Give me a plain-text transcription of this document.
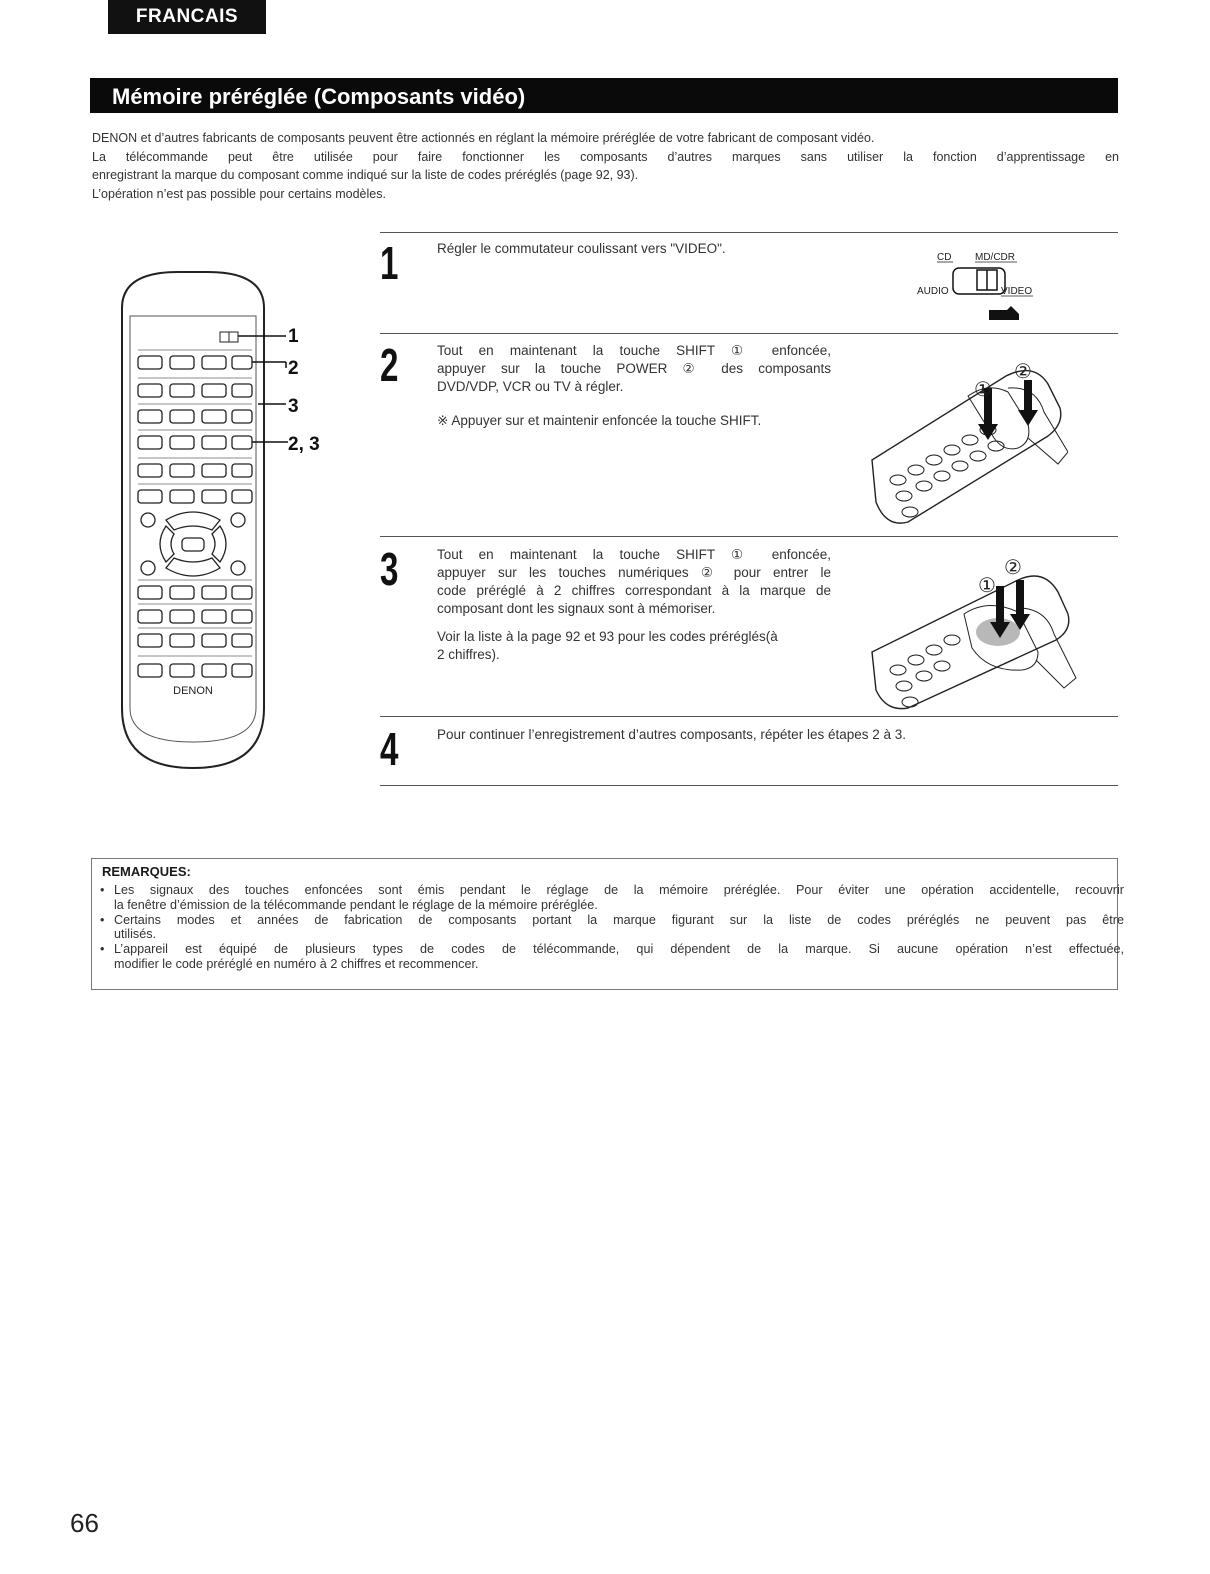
FRANCAIS
Mémoire préréglée (Composants vidéo)

DENON et d’autres fabricants de composants peuvent être actionnés en réglant la mémoire préréglée de votre fabricant de composant vidéo.

La télécommande peut être utilisée pour faire fonctionner les composants d’autres marques sans utiliser la fonction d’apprentissage en

enregistrant la marque du composant comme indiqué sur la liste de codes préréglés (page 92, 93).

L’opération n’est pas possible pour certains modèles.

DENON
1
2
3
2, 3
1	Régler le commutateur coulissant vers "VIDEO".
CD MD/CDR
AUDIO	VIDEO
2	Tout en maintenant la touche SHIFT ① enfoncée,

appuyer sur la touche POWER ② des composants

DVD/VDP, VCR ou TV à régler.

※ Appuyer sur et maintenir enfoncée la touche SHIFT.

①
②
3	Tout en maintenant la touche SHIFT ① enfoncée,

appuyer sur les touches numériques ② pour entrer le

code préréglé à 2 chiffres correspondant à la marque de

composant dont les signaux sont à mémoriser.

Voir la liste à la page 92 et 93 pour les codes préréglés(à

2 chiffres).

①
②
4	Pour continuer l’enregistrement d’autres composants, répéter les étapes 2 à 3.
REMARQUES:
• Les signaux des touches enfoncées sont émis pendant le réglage de la mémoire préréglée. Pour éviter une opération accidentelle, recouvrir
la fenêtre d’émission de la télécommande pendant le réglage de la mémoire préréglée.
• Certains modes et années de fabrication de composants portant la marque figurant sur la liste de codes préréglés ne peuvent pas être
utilisés.
• L’appareil est équipé de plusieurs types de codes de télécommande, qui dépendent de la marque. Si aucune opération n’est effectuée,
modifier le code préréglé en numéro à 2 chiffres et recommencer.
66
